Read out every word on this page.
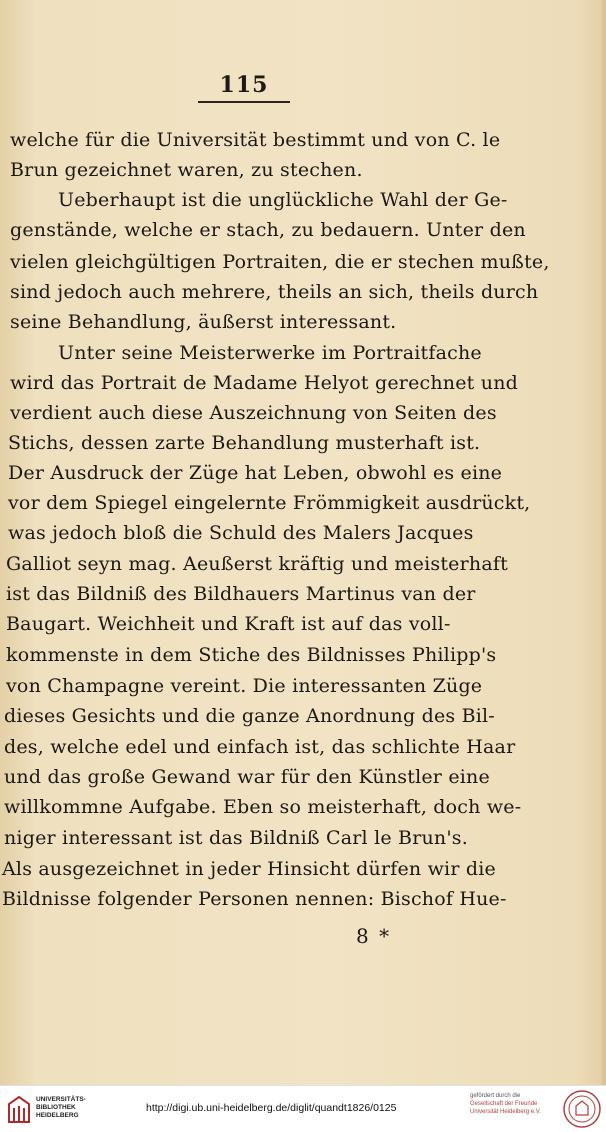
115
welche für die Universität bestimmt und von C. le
Brun gezeichnet waren, zu stechen.
Ueberhaupt ist die unglückliche Wahl der Ge-
genstände, welche er stach, zu bedauern. Unter den
vielen gleichgültigen Portraiten, die er stechen mußte,
sind jedoch auch mehrere, theils an sich, theils durch
seine Behandlung, äußerst interessant.
Unter seine Meisterwerke im Portraitfache
wird das Portrait de Madame Helyot gerechnet und
verdient auch diese Auszeichnung von Seiten des
Stichs, dessen zarte Behandlung musterhaft ist.
Der Ausdruck der Züge hat Leben, obwohl es eine
vor dem Spiegel eingelernte Frömmigkeit ausdrückt,
was jedoch bloß die Schuld des Malers Jacques
Galliot seyn mag. Aeußerst kräftig und meisterhaft
ist das Bildniß des Bildhauers Martinus van der
Baugart. Weichheit und Kraft ist auf das voll-
kommenste in dem Stiche des Bildnisses Philipp's
von Champagne vereint. Die interessanten Züge
dieses Gesichts und die ganze Anordnung des Bil-
des, welche edel und einfach ist, das schlichte Haar
und das große Gewand war für den Künstler eine
willkommne Aufgabe. Eben so meisterhaft, doch we-
niger interessant ist das Bildniß Carl le Brun's.
Als ausgezeichnet in jeder Hinsicht dürfen wir die
Bildnisse folgender Personen nennen: Bischof Hue-
8 *
UNIVERSITÄTS-
BIBLIOTHEK
HEIDELBERG
http://digi.ub.uni-heidelberg.de/diglit/quandt1826/0125
gefördert durch die
Gesellschaft der Freunde
Universität Heidelberg e.V.
